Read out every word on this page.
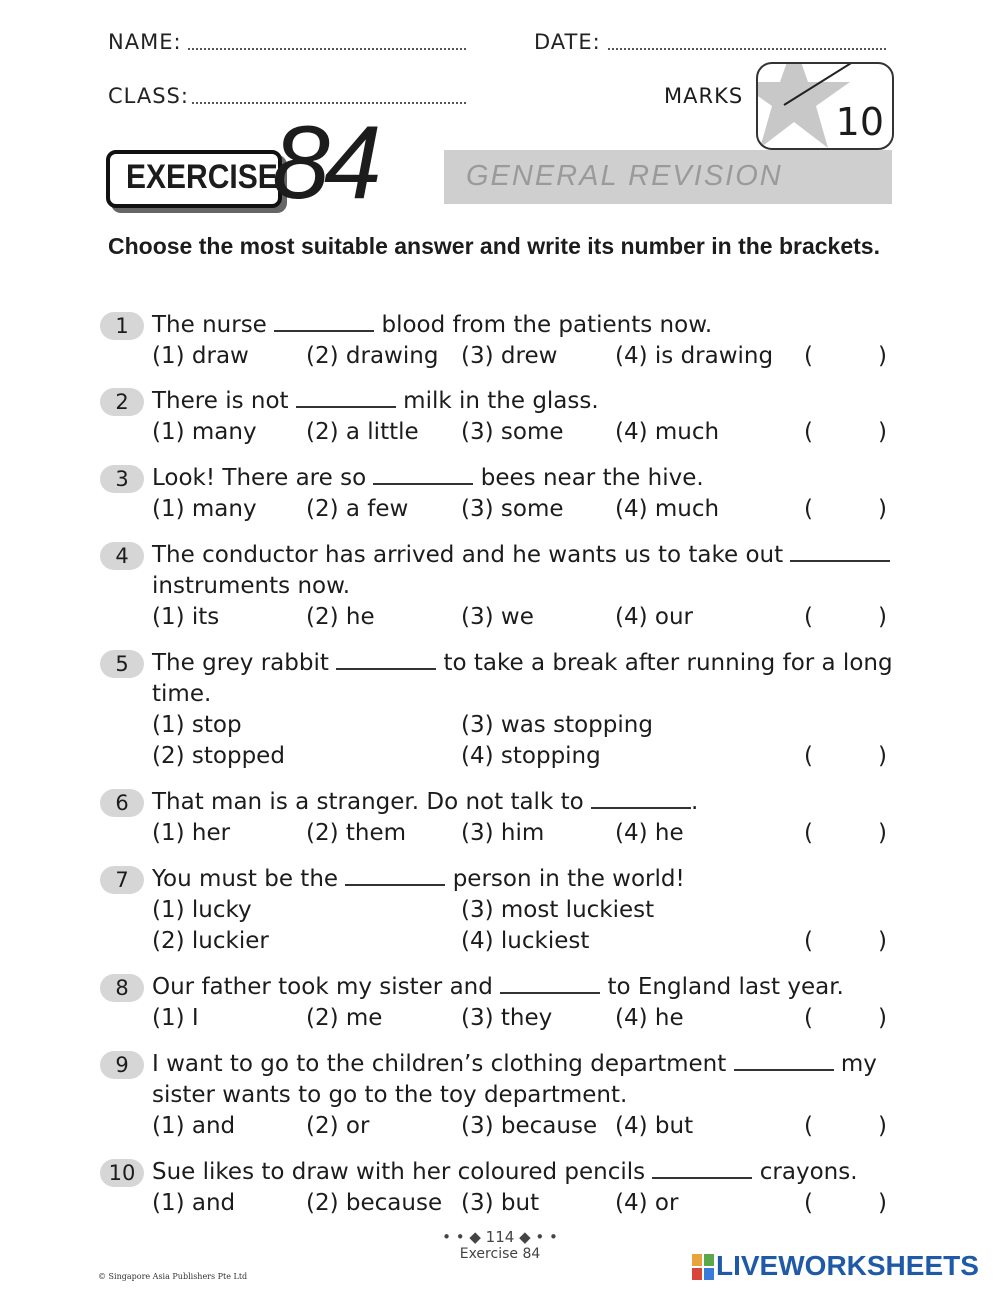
NAME:	DATE:
CLASS:	MARKS
10
EXERCISE
84	GENERAL REVISION
Choose the most suitable answer and write its number in the brackets.
1	The nurse	blood from the patients now.
(1) draw (2) drawing (3) drew	(4) is drawing (	)
2	There is not	milk in the glass.
(1) many (2) a little (3) some (4) much	(	)
3	Look! There are so	bees near the hive.
(1) many (2) a few (3) some (4) much	(	)
4	The conductor has arrived and he wants us to take out  instruments now.
(1) its	(2) he	(3) we	(4) our	(	)
5	The grey rabbit	to take a break after running for a long time.
(1) stop	(3) was stopping
(2) stopped	(4) stopping	(	)
6	That man is a stranger. Do not talk to	.
(1) her	(2) them (3) him	(4) he	(	)
7	You must be the	person in the world!
(1) lucky	(3) most luckiest
(2) luckier	(4) luckiest	(	)
8	Our father took my sister and	to England last year.
(1) I	(2) me	(3) they	(4) he	(	)
9	I want to go to the children’s clothing department	my sister wants to go to the toy department.
(1) and	(2) or	(3) because (4) but	(	)
10 Sue likes to draw with her coloured pencils	crayons.
(1) and	(2) because (3) but	(4) or	(	)
• • ◆ 114 ◆ • •
Exercise 84
© Singapore Asia Publishers Pte Ltd	LIVEWORKSHEETS
